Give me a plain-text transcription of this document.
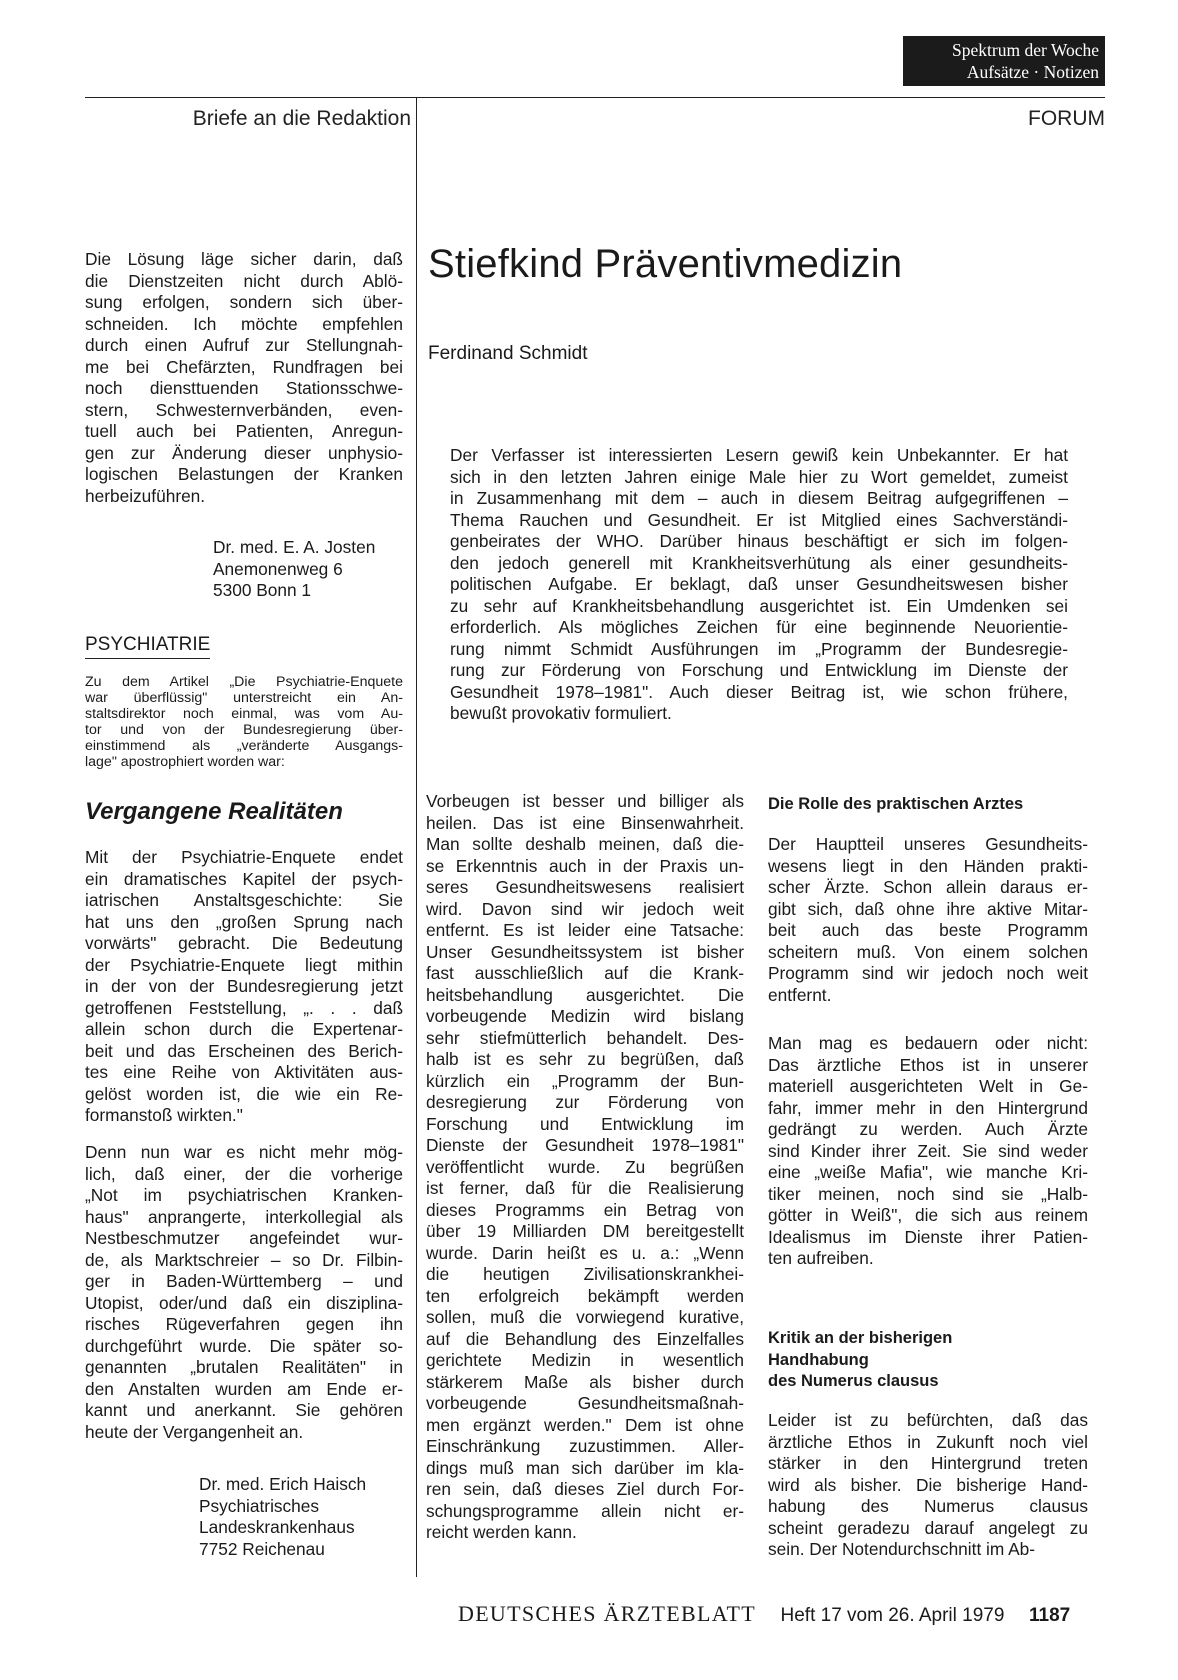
Spektrum der Woche
Aufsätze · Notizen
Briefe an die Redaktion	FORUM
Die Lösung läge sicher darin, daß
die Dienstzeiten nicht durch Ablö-
sung erfolgen, sondern sich über-
schneiden. Ich möchte empfehlen
durch einen Aufruf zur Stellungnah-
me bei Chefärzten, Rundfragen bei
noch diensttuenden Stationsschwe-
stern, Schwesternverbänden, even-
tuell auch bei Patienten, Anregun-
gen zur Änderung dieser unphysio-
logischen Belastungen der Kranken
herbeizuführen.
Dr. med. E. A. Josten
Anemonenweg 6
5300 Bonn 1
PSYCHIATRIE
Zu dem Artikel „Die Psychiatrie-Enquete
war überflüssig" unterstreicht ein An-
staltsdirektor noch einmal, was vom Au-
tor und von der Bundesregierung über-
einstimmend als „veränderte Ausgangs-
lage" apostrophiert worden war:
Vergangene Realitäten
Mit der Psychiatrie-Enquete endet
ein dramatisches Kapitel der psych-
iatrischen Anstaltsgeschichte: Sie
hat uns den „großen Sprung nach
vorwärts" gebracht. Die Bedeutung
der Psychiatrie-Enquete liegt mithin
in der von der Bundesregierung jetzt
getroffenen Feststellung, „. . . daß
allein schon durch die Expertenar-
beit und das Erscheinen des Berich-
tes eine Reihe von Aktivitäten aus-
gelöst worden ist, die wie ein Re-
formanstoß wirkten."
Denn nun war es nicht mehr mög-
lich, daß einer, der die vorherige
„Not im psychiatrischen Kranken-
haus" anprangerte, interkollegial als
Nestbeschmutzer angefeindet wur-
de, als Marktschreier – so Dr. Filbin-
ger in Baden-Württemberg – und
Utopist, oder/und daß ein disziplina-
risches Rügeverfahren gegen ihn
durchgeführt wurde. Die später so-
genannten „brutalen Realitäten" in
den Anstalten wurden am Ende er-
kannt und anerkannt. Sie gehören
heute der Vergangenheit an.
Dr. med. Erich Haisch
Psychiatrisches
Landeskrankenhaus
7752 Reichenau
Stiefkind Präventivmedizin
Ferdinand Schmidt
Der Verfasser ist interessierten Lesern gewiß kein Unbekannter. Er hat
sich in den letzten Jahren einige Male hier zu Wort gemeldet, zumeist
in Zusammenhang mit dem – auch in diesem Beitrag aufgegriffenen –
Thema Rauchen und Gesundheit. Er ist Mitglied eines Sachverständi-
genbeirates der WHO. Darüber hinaus beschäftigt er sich im folgen-
den jedoch generell mit Krankheitsverhütung als einer gesundheits-
politischen Aufgabe. Er beklagt, daß unser Gesundheitswesen bisher
zu sehr auf Krankheitsbehandlung ausgerichtet ist. Ein Umdenken sei
erforderlich. Als mögliches Zeichen für eine beginnende Neuorientie-
rung nimmt Schmidt Ausführungen im „Programm der Bundesregie-
rung zur Förderung von Forschung und Entwicklung im Dienste der
Gesundheit 1978–1981". Auch dieser Beitrag ist, wie schon frühere,
bewußt provokativ formuliert.
Vorbeugen ist besser und billiger als
heilen. Das ist eine Binsenwahrheit.
Man sollte deshalb meinen, daß die-
se Erkenntnis auch in der Praxis un-
seres Gesundheitswesens realisiert
wird. Davon sind wir jedoch weit
entfernt. Es ist leider eine Tatsache:
Unser Gesundheitssystem ist bisher
fast ausschließlich auf die Krank-
heitsbehandlung ausgerichtet. Die
vorbeugende Medizin wird bislang
sehr stiefmütterlich behandelt. Des-
halb ist es sehr zu begrüßen, daß
kürzlich ein „Programm der Bun-
desregierung zur Förderung von
Forschung und Entwicklung im
Dienste der Gesundheit 1978–1981"
veröffentlicht wurde. Zu begrüßen
ist ferner, daß für die Realisierung
dieses Programms ein Betrag von
über 19 Milliarden DM bereitgestellt
wurde. Darin heißt es u. a.: „Wenn
die heutigen Zivilisationskrankhei-
ten erfolgreich bekämpft werden
sollen, muß die vorwiegend kurative,
auf die Behandlung des Einzelfalles
gerichtete Medizin in wesentlich
stärkerem Maße als bisher durch
vorbeugende Gesundheitsmaßnah-
men ergänzt werden." Dem ist ohne
Einschränkung zuzustimmen. Aller-
dings muß man sich darüber im kla-
ren sein, daß dieses Ziel durch For-
schungsprogramme allein nicht er-
reicht werden kann.
Die Rolle des praktischen Arztes
Der Hauptteil unseres Gesundheits-
wesens liegt in den Händen prakti-
scher Ärzte. Schon allein daraus er-
gibt sich, daß ohne ihre aktive Mitar-
beit auch das beste Programm
scheitern muß. Von einem solchen
Programm sind wir jedoch noch weit
entfernt.
Man mag es bedauern oder nicht:
Das ärztliche Ethos ist in unserer
materiell ausgerichteten Welt in Ge-
fahr, immer mehr in den Hintergrund
gedrängt zu werden. Auch Ärzte
sind Kinder ihrer Zeit. Sie sind weder
eine „weiße Mafia", wie manche Kri-
tiker meinen, noch sind sie „Halb-
götter in Weiß", die sich aus reinem
Idealismus im Dienste ihrer Patien-
ten aufreiben.
Kritik an der bisherigen
Handhabung
des Numerus clausus
Leider ist zu befürchten, daß das
ärztliche Ethos in Zukunft noch viel
stärker in den Hintergrund treten
wird als bisher. Die bisherige Hand-
habung des Numerus clausus
scheint geradezu darauf angelegt zu
sein. Der Notendurchschnitt im Ab-
DEUTSCHES ÄRZTEBLATT Heft 17 vom 26. April 1979 1187
